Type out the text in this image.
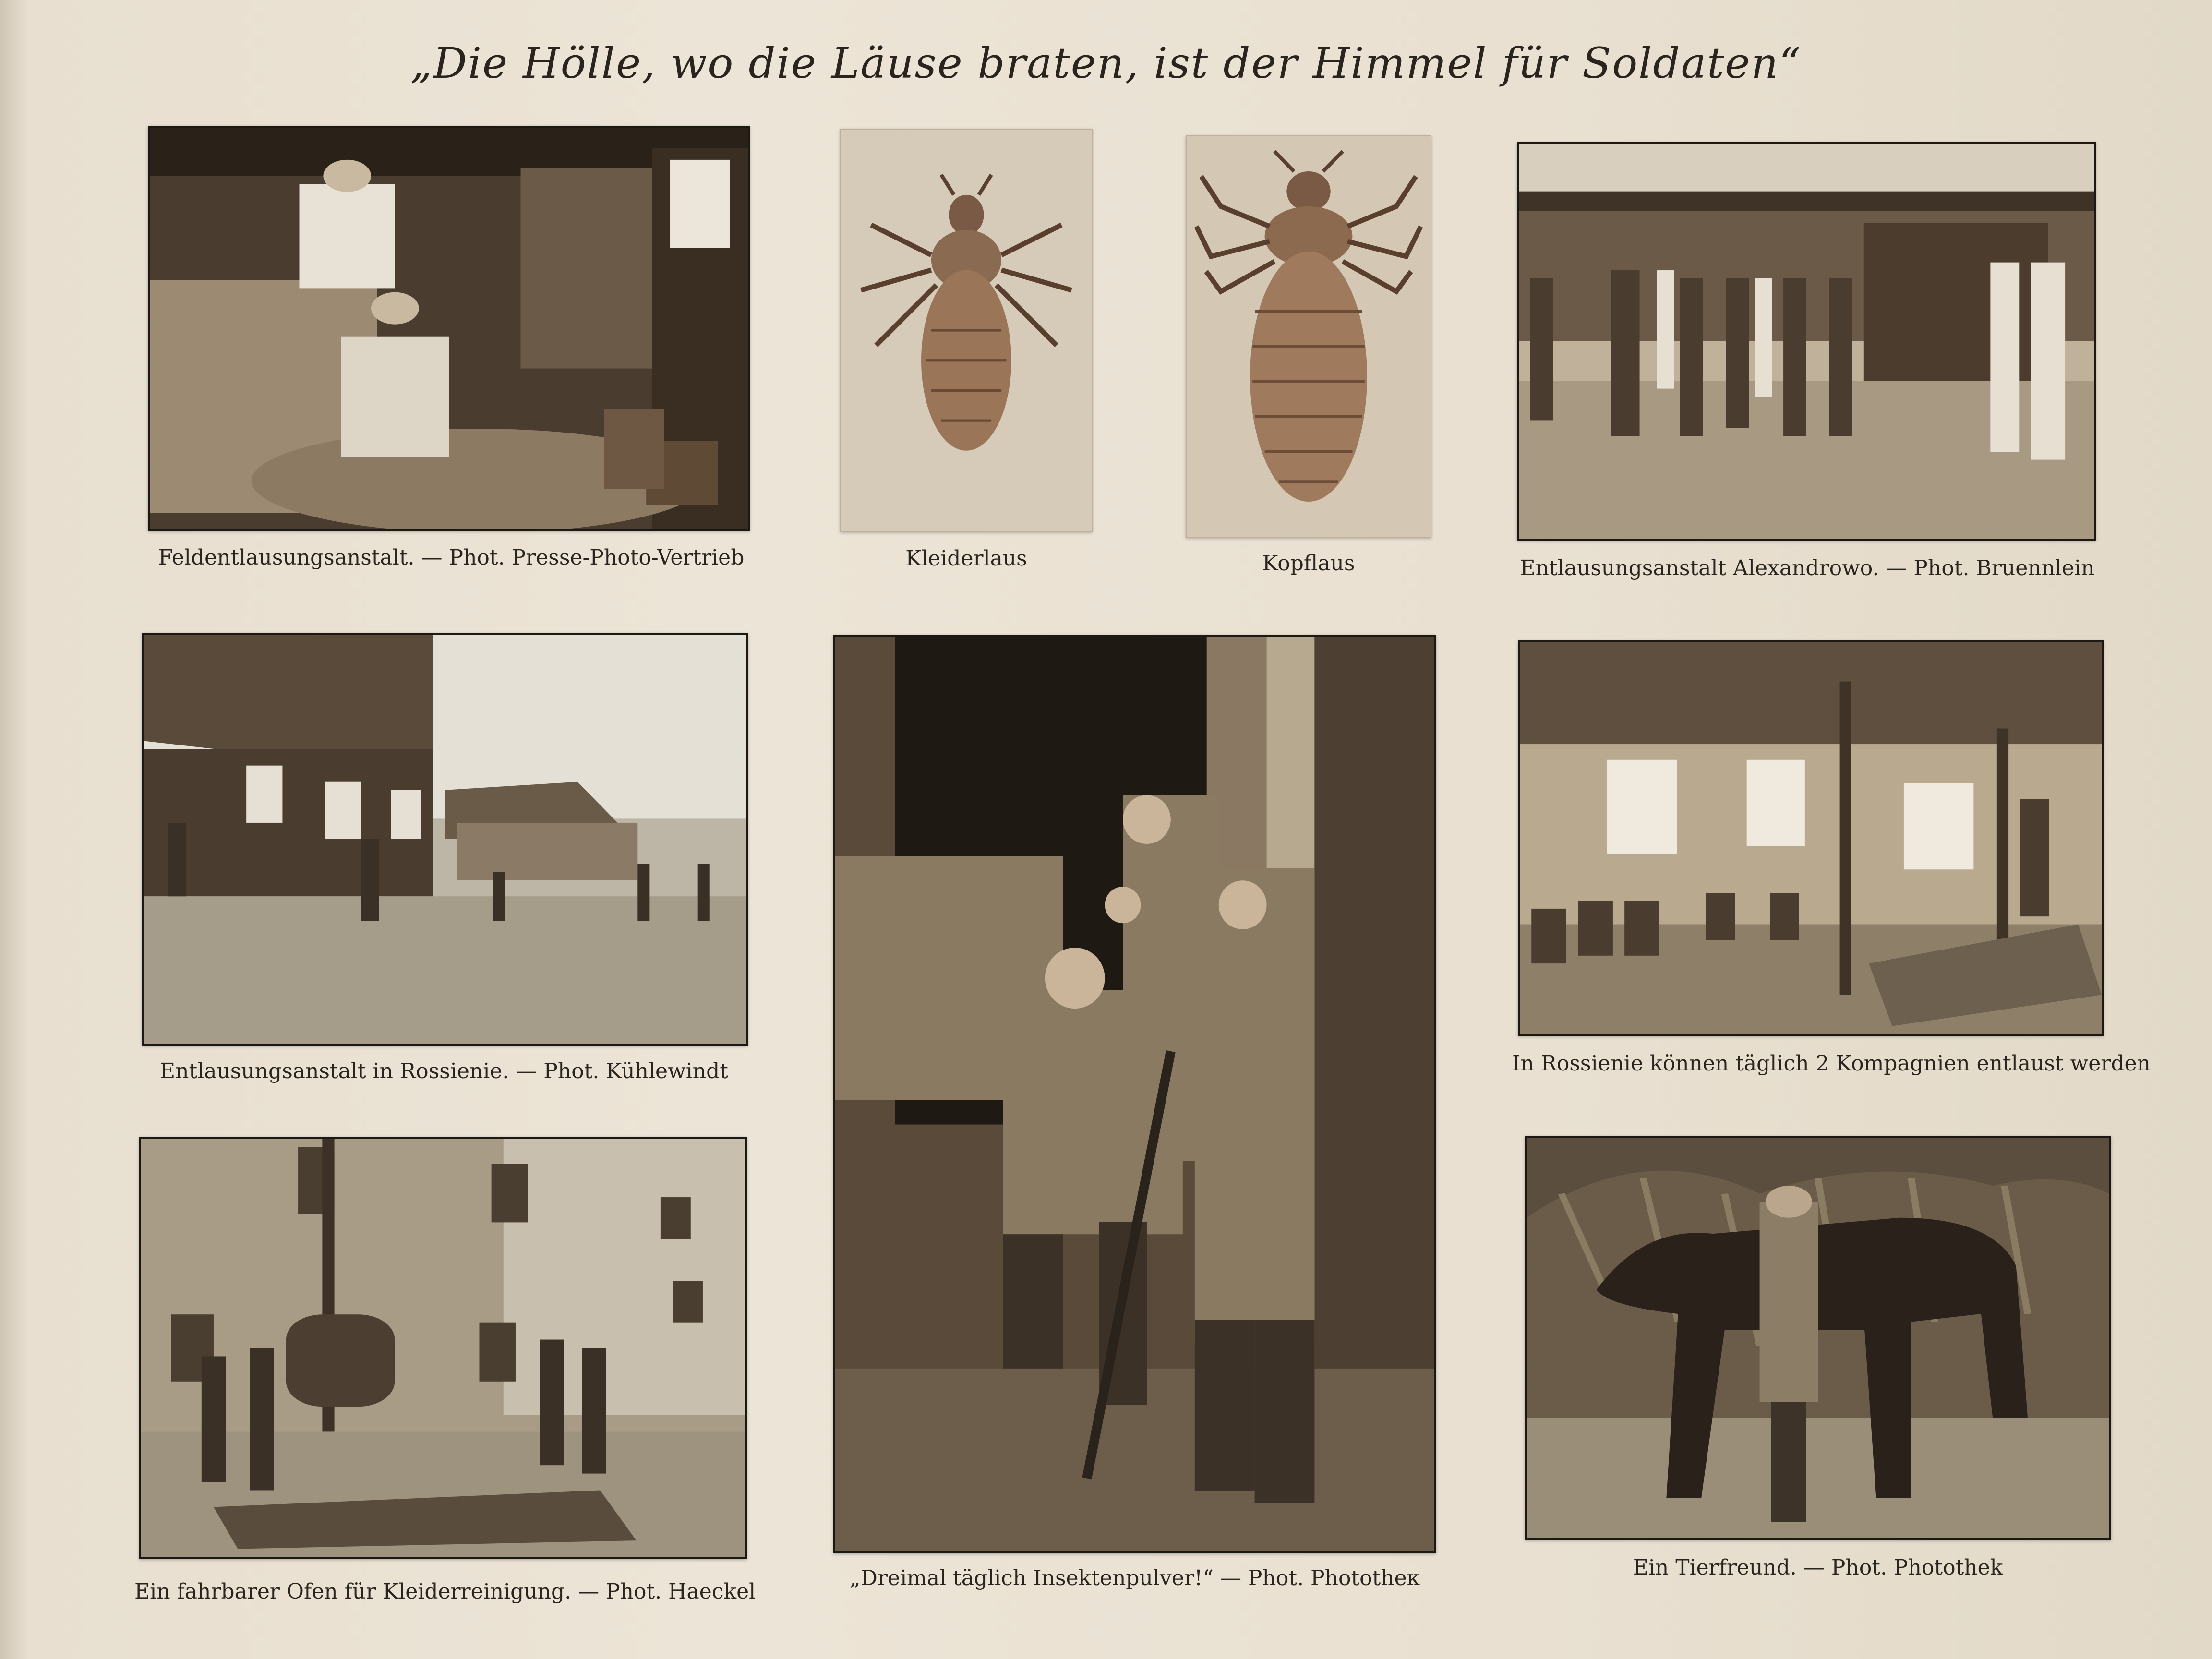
„Die Hölle, wo die Läuse braten, ist der Himmel für Soldaten“
Feldentlausungsanstalt. — Phot. Presse-Photo-Vertrieb	Kleiderlaus	Kopflaus	Entlausungsanstalt Alexandrowo. — Phot. Bruennlein
Entlausungsanstalt in Rossienie. — Phot. Kühlewindt
„Dreimal täglich Insektenpulver!“ — Phot. Phototheк
In Rossienie können täglich 2 Kompagnien entlaust werden
Ein fahrbarer Ofen für Kleiderreinigung. — Phot. Haeckel
Ein Tierfreund. — Phot. Photothek
